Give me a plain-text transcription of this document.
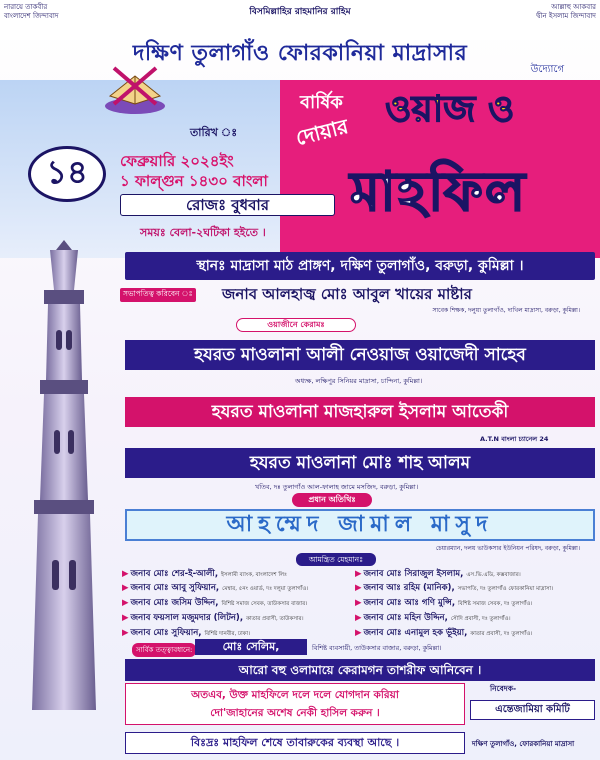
নারায়ে তাকবীর
বাংলাদেশ জিন্দাবাদ	বিসমিল্লাহির রাহমানির রাহিম	আল্লাহু আকবার
দ্বীন ইসলাম জিন্দাবাদ
দক্ষিণ তুলাগাঁও ফোরকানিয়া মাদ্রাসার
উদ্যোগে
বার্ষিক ওয়াজ ও
দোয়ার
মাহফিল
তারিখ ঃ
১৪	ফেব্রুয়ারি ২০২৪ইং
১ ফাল্গুন ১৪৩০ বাংলা
রোজঃ বুধবার
সময়ঃ বেলা-২ঘটিকা হইতে ।
স্থানঃ মাদ্রাসা মাঠ প্রাঙ্গণ, দক্ষিণ তুলাগাঁও, বরুড়া, কুমিল্লা ।
সভাপতিত্ব করিবেন ঃ জনাব আলহাজ্ব মোঃ আবুল খায়ের মাষ্টার
সাবেক শিক্ষক, দলুয়া তুলাগাঁও, দাখিল মাদ্রাসা, বরুড়া, কুমিল্লা।
ওয়াজীনে কেরামঃ
হযরত মাওলানা আলী নেওয়াজ ওয়াজেদী সাহেব
অধ্যক্ষ, লক্ষিপুর সিনিয়র মাদ্রাসা, চান্দিনা, কুমিল্লা।
হযরত মাওলানা মাজহারুল ইসলাম আতেকী
A.T.N বাংলা চ্যানেল 24
হযরত মাওলানা মোঃ শাহ আলম
খতিব, দঃ তুলাগাঁও আল-ফালাহ জামে মসজিদ, বরুড়া, কুমিল্লা।
প্রধান অতিথিঃ
আহম্মেদ জামাল মাসুদ
চেয়ারম্যান, দলয় ভাউকসার ইউনিয়ন পরিষদ, বরুড়া, কুমিল্লা।
আমন্ত্রিত মেহমানঃ
▶ জনাব মোঃ শের-ই-আলী, ইসলামী ব্যাংক, বাংলাদেশ লিঃ
▶ জনাব মোঃ আবু সুফিয়ান, মেম্বার, ৫নং ওয়ার্ড, দঃ দলুয়া তুলাগাঁও।
▶ জনাব মোঃ জসিম উদ্দিন, বিশিষ্ট সমাজ সেবক, তাউকসার বাজার।
▶ জনাব ফয়সাল মজুমদার (লিটন), কাতার প্রবাসী, তাউকসার।
▶ জনাব মোঃ সুফিয়ান, বিশিষ্ট দানবীর, ঢাকা।
▶ জনাব মোঃ সিরাজুল ইসলাম, এস.ভি.এডি, কক্সবাজার।
▶ জনাব আঃ রহিম (মানিক), সভাপতি, দঃ তুলাগাঁও ফোরকানিয়া মাদ্রাসা।
▶ জনাব মোঃ আঃ গণি মুন্সি, বিশিষ্ট সমাজ সেবক, দঃ তুলাগাঁও।
▶ জনাব মোঃ মহিন উদ্দিন, সৌদি প্রবাসী, দঃ তুলাগাঁও।
▶ জনাব মোঃ এনামুল হক ভূঁইয়া, কাতার প্রবাসী, দঃ তুলাগাঁও।
সার্বিক তত্ত্বাবধানে:	মোঃ সেলিম,	বিশিষ্ট ব্যবসায়ী, তাউকসার বাজার, বরুড়া, কুমিল্লা।
আরো বহু ওলামায়ে কেরামগন তাশরীফ আনিবেন ।
অতএব, উক্ত মাহফিলে দলে দলে যোগদান করিয়া
দো'জাহানের অশেষ নেকী হাসিল করুন ।
নিবেদক-
এন্তেজামিয়া কমিটি
বিঃদ্রঃ মাহফিল শেষে তাবারুকের ব্যবস্থা আছে ।	দক্ষিণ তুলাগাঁও, ফোরকানিয়া মাদ্রাসা
